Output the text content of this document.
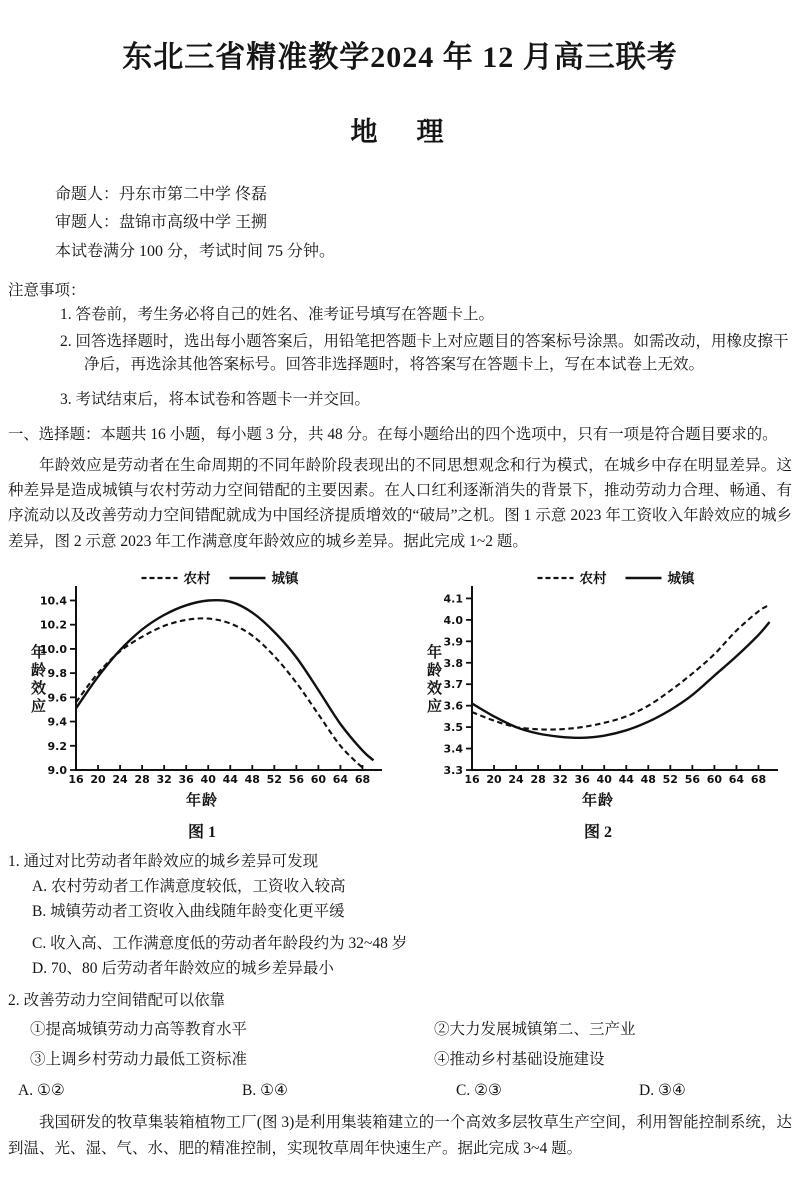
东北三省精准教学2024 年 12 月高三联考
地　理
命题人：丹东市第二中学 佟磊
审题人：盘锦市高级中学 王搠
本试卷满分 100 分，考试时间 75 分钟。
注意事项：
1. 答卷前，考生务必将自己的姓名、准考证号填写在答题卡上。
2. 回答选择题时，选出每小题答案后，用铅笔把答题卡上对应题目的答案标号涂黑。如需改动，用橡皮擦干净后，再选涂其他答案标号。回答非选择题时，将答案写在答题卡上，写在本试卷上无效。
3. 考试结束后，将本试卷和答题卡一并交回。
一、选择题：本题共 16 小题，每小题 3 分，共 48 分。在每小题给出的四个选项中，只有一项是符合题目要求的。

年龄效应是劳动者在生命周期的不同年龄阶段表现出的不同思想观念和行为模式，在城乡中存在明显差异。这种差异是造成城镇与农村劳动力空间错配的主要因素。在人口红利逐渐消失的背景下，推动劳动力合理、畅通、有序流动以及改善劳动力空间错配就成为中国经济提质增效的“破局”之机。图 1 示意 2023 年工资收入年龄效应的城乡差异，图 2 示意 2023 年工作满意度年龄效应的城乡差异。据此完成 1~2 题。

年龄效应
9.0
9.2
9.4
9.6
9.8
10.0
10.2
10.4
16 20 24 28 32 36 40 44 48 52 56 60 64 68
农村	城镇
年龄
图 1
年龄效应
3.3
3.4
3.5
3.6
3.7
3.8
3.9
4.0
4.1
16 20 24 28 32 36 40 44 48 52 56 60 64 68
农村	城镇
年龄
图 2
1. 通过对比劳动者年龄效应的城乡差异可发现
A. 农村劳动者工作满意度较低，工资收入较高
B. 城镇劳动者工资收入曲线随年龄变化更平缓
C. 收入高、工作满意度低的劳动者年龄段约为 32~48 岁
D. 70、80 后劳动者年龄效应的城乡差异最小
2. 改善劳动力空间错配可以依靠
①提高城镇劳动力高等教育水平	②大力发展城镇第二、三产业
③上调乡村劳动力最低工资标准	④推动乡村基础设施建设
A. ①②	B. ①④	C. ②③	D. ③④

我国研发的牧草集装箱植物工厂(图 3)是利用集装箱建立的一个高效多层牧草生产空间，利用智能控制系统，达到温、光、湿、气、水、肥的精准控制，实现牧草周年快速生产。据此完成 3~4 题。
